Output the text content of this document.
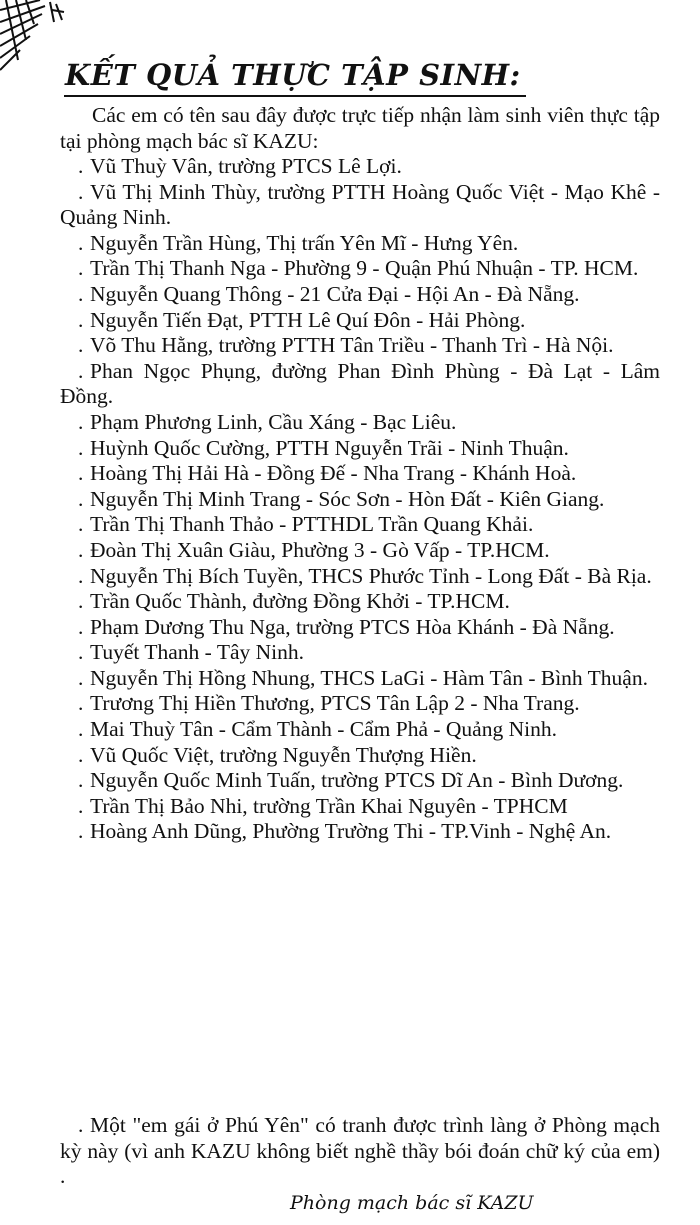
KẾT QUẢ THỰC TẬP SINH:

Các em có tên sau đây được trực tiếp nhận làm sinh viên thực tập tại phòng mạch bác sĩ KAZU:

. Vũ Thuỳ Vân, trường PTCS Lê Lợi.
. Vũ Thị Minh Thùy, trường PTTH Hoàng Quốc Việt - Mạo Khê - Quảng Ninh.
. Nguyễn Trần Hùng, Thị trấn Yên Mĩ - Hưng Yên.
. Trần Thị Thanh Nga - Phường 9 - Quận Phú Nhuận - TP. HCM.
. Nguyễn Quang Thông - 21 Cửa Đại - Hội An - Đà Nẵng.
. Nguyễn Tiến Đạt, PTTH Lê Quí Đôn - Hải Phòng.
. Võ Thu Hằng, trường PTTH Tân Triều - Thanh Trì - Hà Nội.
. Phan Ngọc Phụng, đường Phan Đình Phùng - Đà Lạt - Lâm Đồng.
. Phạm Phương Linh, Cầu Xáng - Bạc Liêu.
. Huỳnh Quốc Cường, PTTH Nguyễn Trãi - Ninh Thuận.
. Hoàng Thị Hải Hà - Đồng Đế - Nha Trang - Khánh Hoà.
. Nguyễn Thị Minh Trang - Sóc Sơn - Hòn Đất - Kiên Giang.
. Trần Thị Thanh Thảo - PTTHDL Trần Quang Khải.
. Đoàn Thị Xuân Giàu, Phường 3 - Gò Vấp - TP.HCM.
. Nguyễn Thị Bích Tuyền, THCS Phước Tỉnh - Long Đất - Bà Rịa.
. Trần Quốc Thành, đường Đồng Khởi - TP.HCM.
. Phạm Dương Thu Nga, trường PTCS Hòa Khánh - Đà Nẵng.
. Tuyết Thanh - Tây Ninh.
. Nguyễn Thị Hồng Nhung, THCS LaGi - Hàm Tân - Bình Thuận.
. Trương Thị Hiền Thương, PTCS Tân Lập 2 - Nha Trang.
. Mai Thuỳ Tân - Cẩm Thành - Cẩm Phả - Quảng Ninh.
. Vũ Quốc Việt, trường Nguyễn Thượng Hiền.
. Nguyễn Quốc Minh Tuấn, trường PTCS Dĩ An - Bình Dương.
. Trần Thị Bảo Nhi, trường Trần Khai Nguyên - TPHCM
. Hoàng Anh Dũng, Phường Trường Thi - TP.Vinh - Nghệ An.

. Một "em gái ở Phú Yên" có tranh được trình làng ở Phòng mạch kỳ này (vì anh KAZU không biết nghề thầy bói đoán chữ ký của em) .

Phòng mạch bác sĩ KAZU
